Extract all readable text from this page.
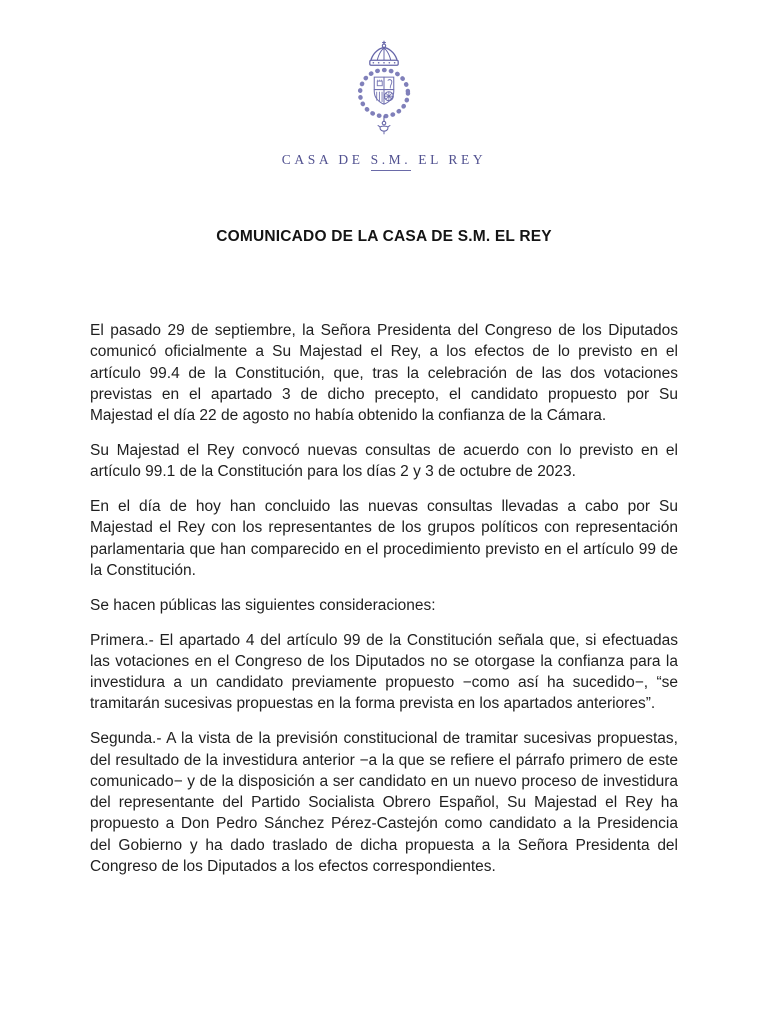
CASA DE S.M. EL REY
COMUNICADO DE LA CASA DE S.M. EL REY

El pasado 29 de septiembre, la Señora Presidenta del Congreso de los Diputados comunicó oficialmente a Su Majestad el Rey, a los efectos de lo previsto en el artículo 99.4 de la Constitución, que, tras la celebración de las dos votaciones previstas en el apartado 3 de dicho precepto, el candidato propuesto por Su Majestad el día 22 de agosto no había obtenido la confianza de la Cámara.

Su Majestad el Rey convocó nuevas consultas de acuerdo con lo previsto en el artículo 99.1 de la Constitución para los días 2 y 3 de octubre de 2023.

En el día de hoy han concluido las nuevas consultas llevadas a cabo por Su Majestad el Rey con los representantes de los grupos políticos con representación parlamentaria que han comparecido en el procedimiento previsto en el artículo 99 de la Constitución.

Se hacen públicas las siguientes consideraciones:

Primera.- El apartado 4 del artículo 99 de la Constitución señala que, si efectuadas las votaciones en el Congreso de los Diputados no se otorgase la confianza para la investidura a un candidato previamente propuesto −como así ha sucedido−, “se tramitarán sucesivas propuestas en la forma prevista en los apartados anteriores”.

Segunda.- A la vista de la previsión constitucional de tramitar sucesivas propuestas, del resultado de la investidura anterior −a la que se refiere el párrafo primero de este comunicado− y de la disposición a ser candidato en un nuevo proceso de investidura del representante del Partido Socialista Obrero Español, Su Majestad el Rey ha propuesto a Don Pedro Sánchez Pérez-Castejón como candidato a la Presidencia del Gobierno y ha dado traslado de dicha propuesta a la Señora Presidenta del Congreso de los Diputados a los efectos correspondientes.
